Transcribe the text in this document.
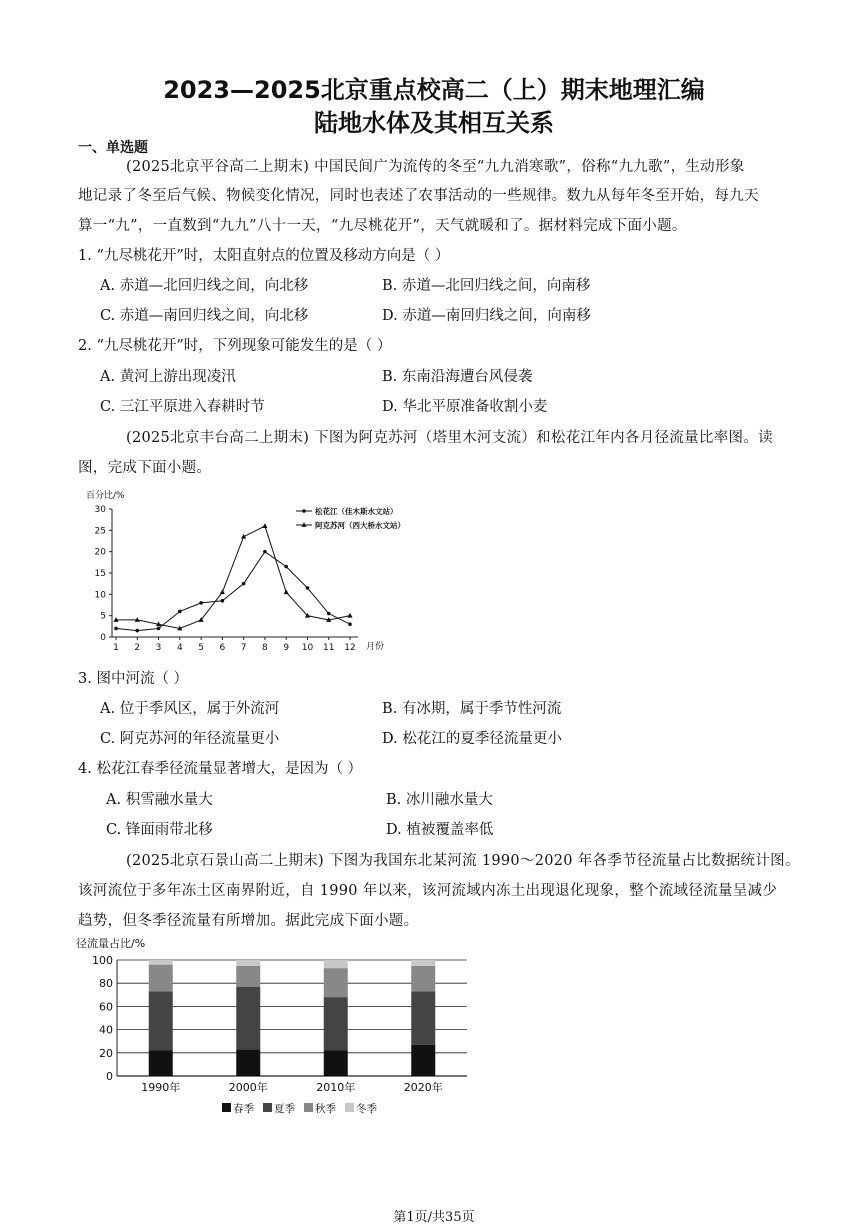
2023—2025北京重点校高二（上）期末地理汇编
陆地水体及其相互关系
一、单选题
(2025北京平谷高二上期末) 中国民间广为流传的冬至“九九消寒歌”，俗称“九九歌”，生动形象
地记录了冬至后气候、物候变化情况，同时也表述了农事活动的一些规律。数九从每年冬至开始，每九天
算一“九”，一直数到“九九”八十一天，“九尽桃花开”，天气就暖和了。据材料完成下面小题。
1. “九尽桃花开”时，太阳直射点的位置及移动方向是（ ）
A. 赤道—北回归线之间，向北移	B. 赤道—北回归线之间，向南移
C. 赤道—南回归线之间，向北移	D. 赤道—南回归线之间，向南移
2. “九尽桃花开”时，下列现象可能发生的是（ ）
A. 黄河上游出现凌汛	B. 东南沿海遭台风侵袭
C. 三江平原进入春耕时节	D. 华北平原准备收割小麦
(2025北京丰台高二上期末) 下图为阿克苏河（塔里木河支流）和松花江年内各月径流量比率图。读
图，完成下面小题。
百分比/%
0
5
10
15
20
25
30
1 2 3 4 5 6 7 8 9 10 11 12
松花江（佳木斯水文站）
阿克苏河（西大桥水文站）
月份
3. 图中河流（ ）
A. 位于季风区，属于外流河	B. 有冰期，属于季节性河流
C. 阿克苏河的年径流量更小	D. 松花江的夏季径流量更小
4. 松花江春季径流量显著增大，是因为（ ）
A. 积雪融水量大	B. 冰川融水量大
C. 锋面雨带北移	D. 植被覆盖率低
(2025北京石景山高二上期末) 下图为我国东北某河流 1990～2020 年各季节径流量占比数据统计图。
该河流位于多年冻土区南界附近，自 1990 年以来，该河流域内冻土出现退化现象，整个流域径流量呈减少
趋势，但冬季径流量有所增加。据此完成下面小题。
径流量占比/%
0
20
40
60
80
100
1990年	2000年	2010年	2020年
春季 夏季 秋季 冬季
第1页/共35页
